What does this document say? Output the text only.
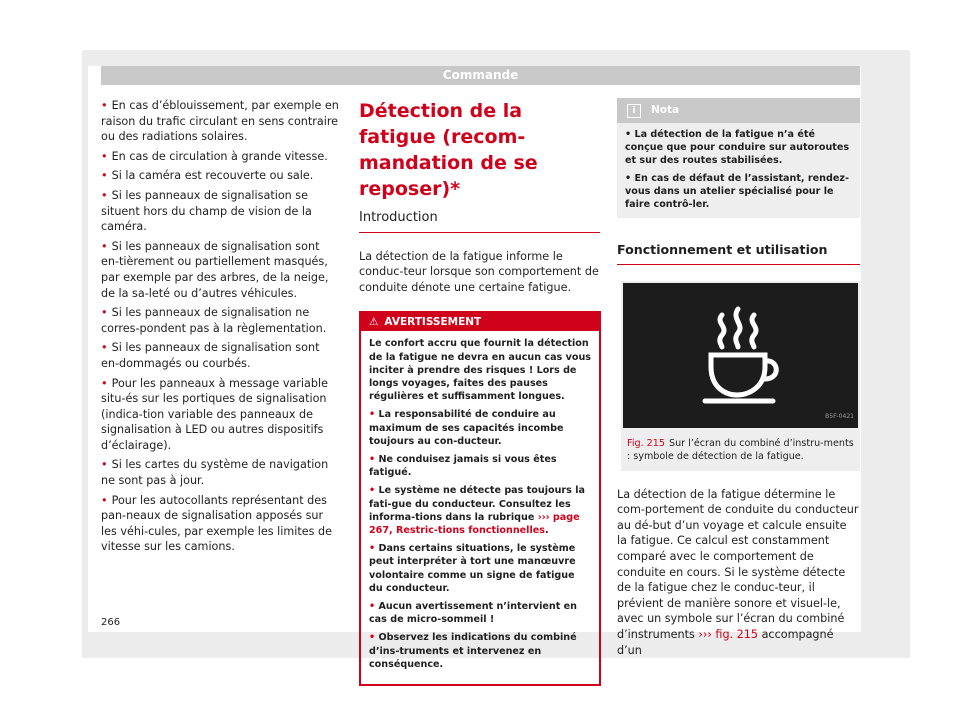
Commande

• En cas d’éblouissement, par exemple en raison du trafic circulant en sens contraire ou des radiations solaires.

• En cas de circulation à grande vitesse.

• Si la caméra est recouverte ou sale.

• Si les panneaux de signalisation se situent hors du champ de vision de la caméra.

• Si les panneaux de signalisation sont en-tièrement ou partiellement masqués, par exemple par des arbres, de la neige, de la sa-leté ou d’autres véhicules.

• Si les panneaux de signalisation ne corres-pondent pas à la règlementation.

• Si les panneaux de signalisation sont en-dommagés ou courbés.

• Pour les panneaux à message variable situ-és sur les portiques de signalisation (indica-tion variable des panneaux de signalisation à LED ou autres dispositifs d’éclairage).

• Si les cartes du système de navigation ne sont pas à jour.

• Pour les autocollants représentant des pan-neaux de signalisation apposés sur les véhi-cules, par exemple les limites de vitesse sur les camions.

Détection de la fatigue (recom-mandation de se reposer)*
Introduction
La détection de la fatigue informe le conduc-teur lorsque son comportement de conduite dénote une certaine fatigue.
⚠ AVERTISSEMENT

Le confort accru que fournit la détection de la fatigue ne devra en aucun cas vous inciter à prendre des risques ! Lors de longs voyages, faites des pauses régulières et suffisamment longues.

• La responsabilité de conduire au maximum de ses capacités incombe toujours au con-ducteur.

• Ne conduisez jamais si vous êtes fatigué.

• Le système ne détecte pas toujours la fati-gue du conducteur. Consultez les informa-tions dans la rubrique ››› page 267, Restric-tions fonctionnelles.

• Dans certains situations, le système peut interpréter à tort une manœuvre volontaire comme un signe de fatigue du conducteur.

• Aucun avertissement n’intervient en cas de micro-sommeil !

• Observez les indications du combiné d’ins-truments et intervenez en conséquence.

i Nota

• La détection de la fatigue n’a été conçue que pour conduire sur autoroutes et sur des routes stabilisées.

• En cas de défaut de l’assistant, rendez-vous dans un atelier spécialisé pour le faire contrô-ler.

Fonctionnement et utilisation
B5F-0421
Fig. 215 Sur l’écran du combiné d’instru-ments : symbole de détection de la fatigue.
La détection de la fatigue détermine le com-portement de conduite du conducteur au dé-but d’un voyage et calcule ensuite la fatigue. Ce calcul est constamment comparé avec le comportement de conduite en cours. Si le système détecte de la fatigue chez le conduc-teur, il prévient de manière sonore et visuel-le, avec un symbole sur l’écran du combiné d’instruments ››› fig. 215 accompagné d’un
266
